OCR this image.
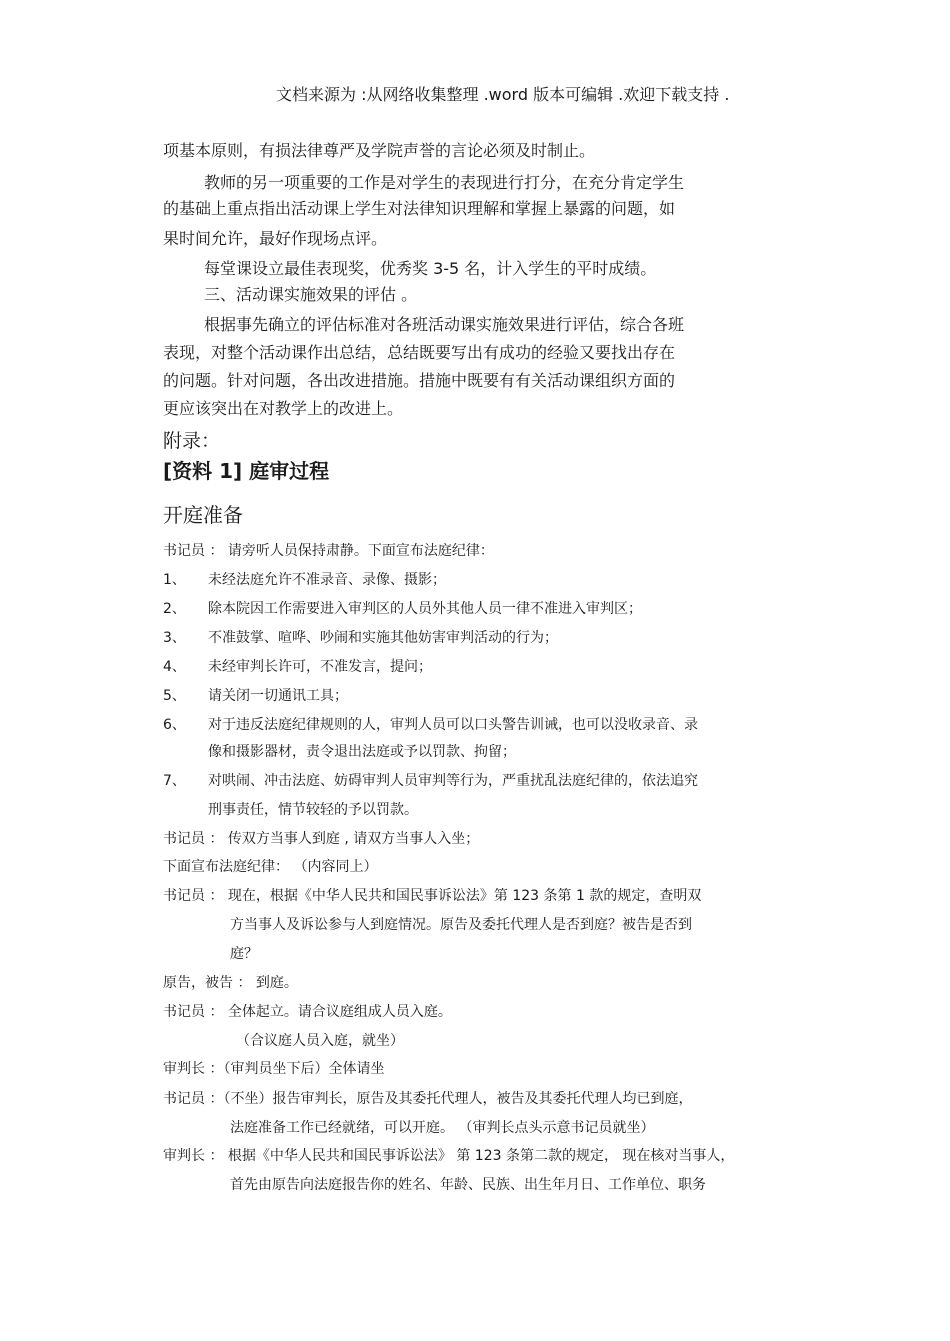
文档来源为 :从网络收集整理 .word 版本可编辑 .欢迎下载支持 .
项基本原则，有损法律尊严及学院声誉的言论必须及时制止。
教师的另一项重要的工作是对学生的表现进行打分，在充分肯定学生
的基础上重点指出活动课上学生对法律知识理解和掌握上暴露的问题，如
果时间允许，最好作现场点评。
每堂课设立最佳表现奖，优秀奖 3-5 名，计入学生的平时成绩。
三、活动课实施效果的评估 。
根据事先确立的评估标准对各班活动课实施效果进行评估，综合各班
表现，对整个活动课作出总结，总结既要写出有成功的经验又要找出存在
的问题。针对问题，各出改进措施。措施中既要有有关活动课组织方面的
更应该突出在对教学上的改进上。
附录：
[资料 1] 庭审过程
开庭准备
书记员 ： 请旁听人员保持肃静。下面宣布法庭纪律：
1、 未经法庭允许不准录音、录像、摄影；
2、 除本院因工作需要进入审判区的人员外其他人员一律不准进入审判区；
3、 不准鼓掌、喧哗、吵闹和实施其他妨害审判活动的行为；
4、 未经审判长许可，不准发言，提问；
5、 请关闭一切通讯工具；
6、 对于违反法庭纪律规则的人，审判人员可以口头警告训诫，也可以没收录音、录
像和摄影器材，责令退出法庭或予以罚款、拘留；
7、 对哄闹、冲击法庭、妨碍审判人员审判等行为，严重扰乱法庭纪律的，依法追究
刑事责任，情节较轻的予以罚款。
书记员 ： 传双方当事人到庭 , 请双方当事人入坐；
下面宣布法庭纪律： （内容同上）
书记员 ： 现在，根据《中华人民共和国民事诉讼法》第 123 条第 1 款的规定，查明双
方当事人及诉讼参与人到庭情况。原告及委托代理人是否到庭？被告是否到
庭？
原告，被告 ： 到庭。
书记员 ： 全体起立。请合议庭组成人员入庭。
（合议庭人员入庭，就坐）
审判长 ：（审判员坐下后）全体请坐
书记员 ：（不坐）报告审判长，原告及其委托代理人，被告及其委托代理人均已到庭，
法庭准备工作已经就绪，可以开庭。 （审判长点头示意书记员就坐）
审判长 ： 根据《中华人民共和国民事诉讼法》 第 123 条第二款的规定， 现在核对当事人，
首先由原告向法庭报告你的姓名、年龄、民族、出生年月日、工作单位、职务
